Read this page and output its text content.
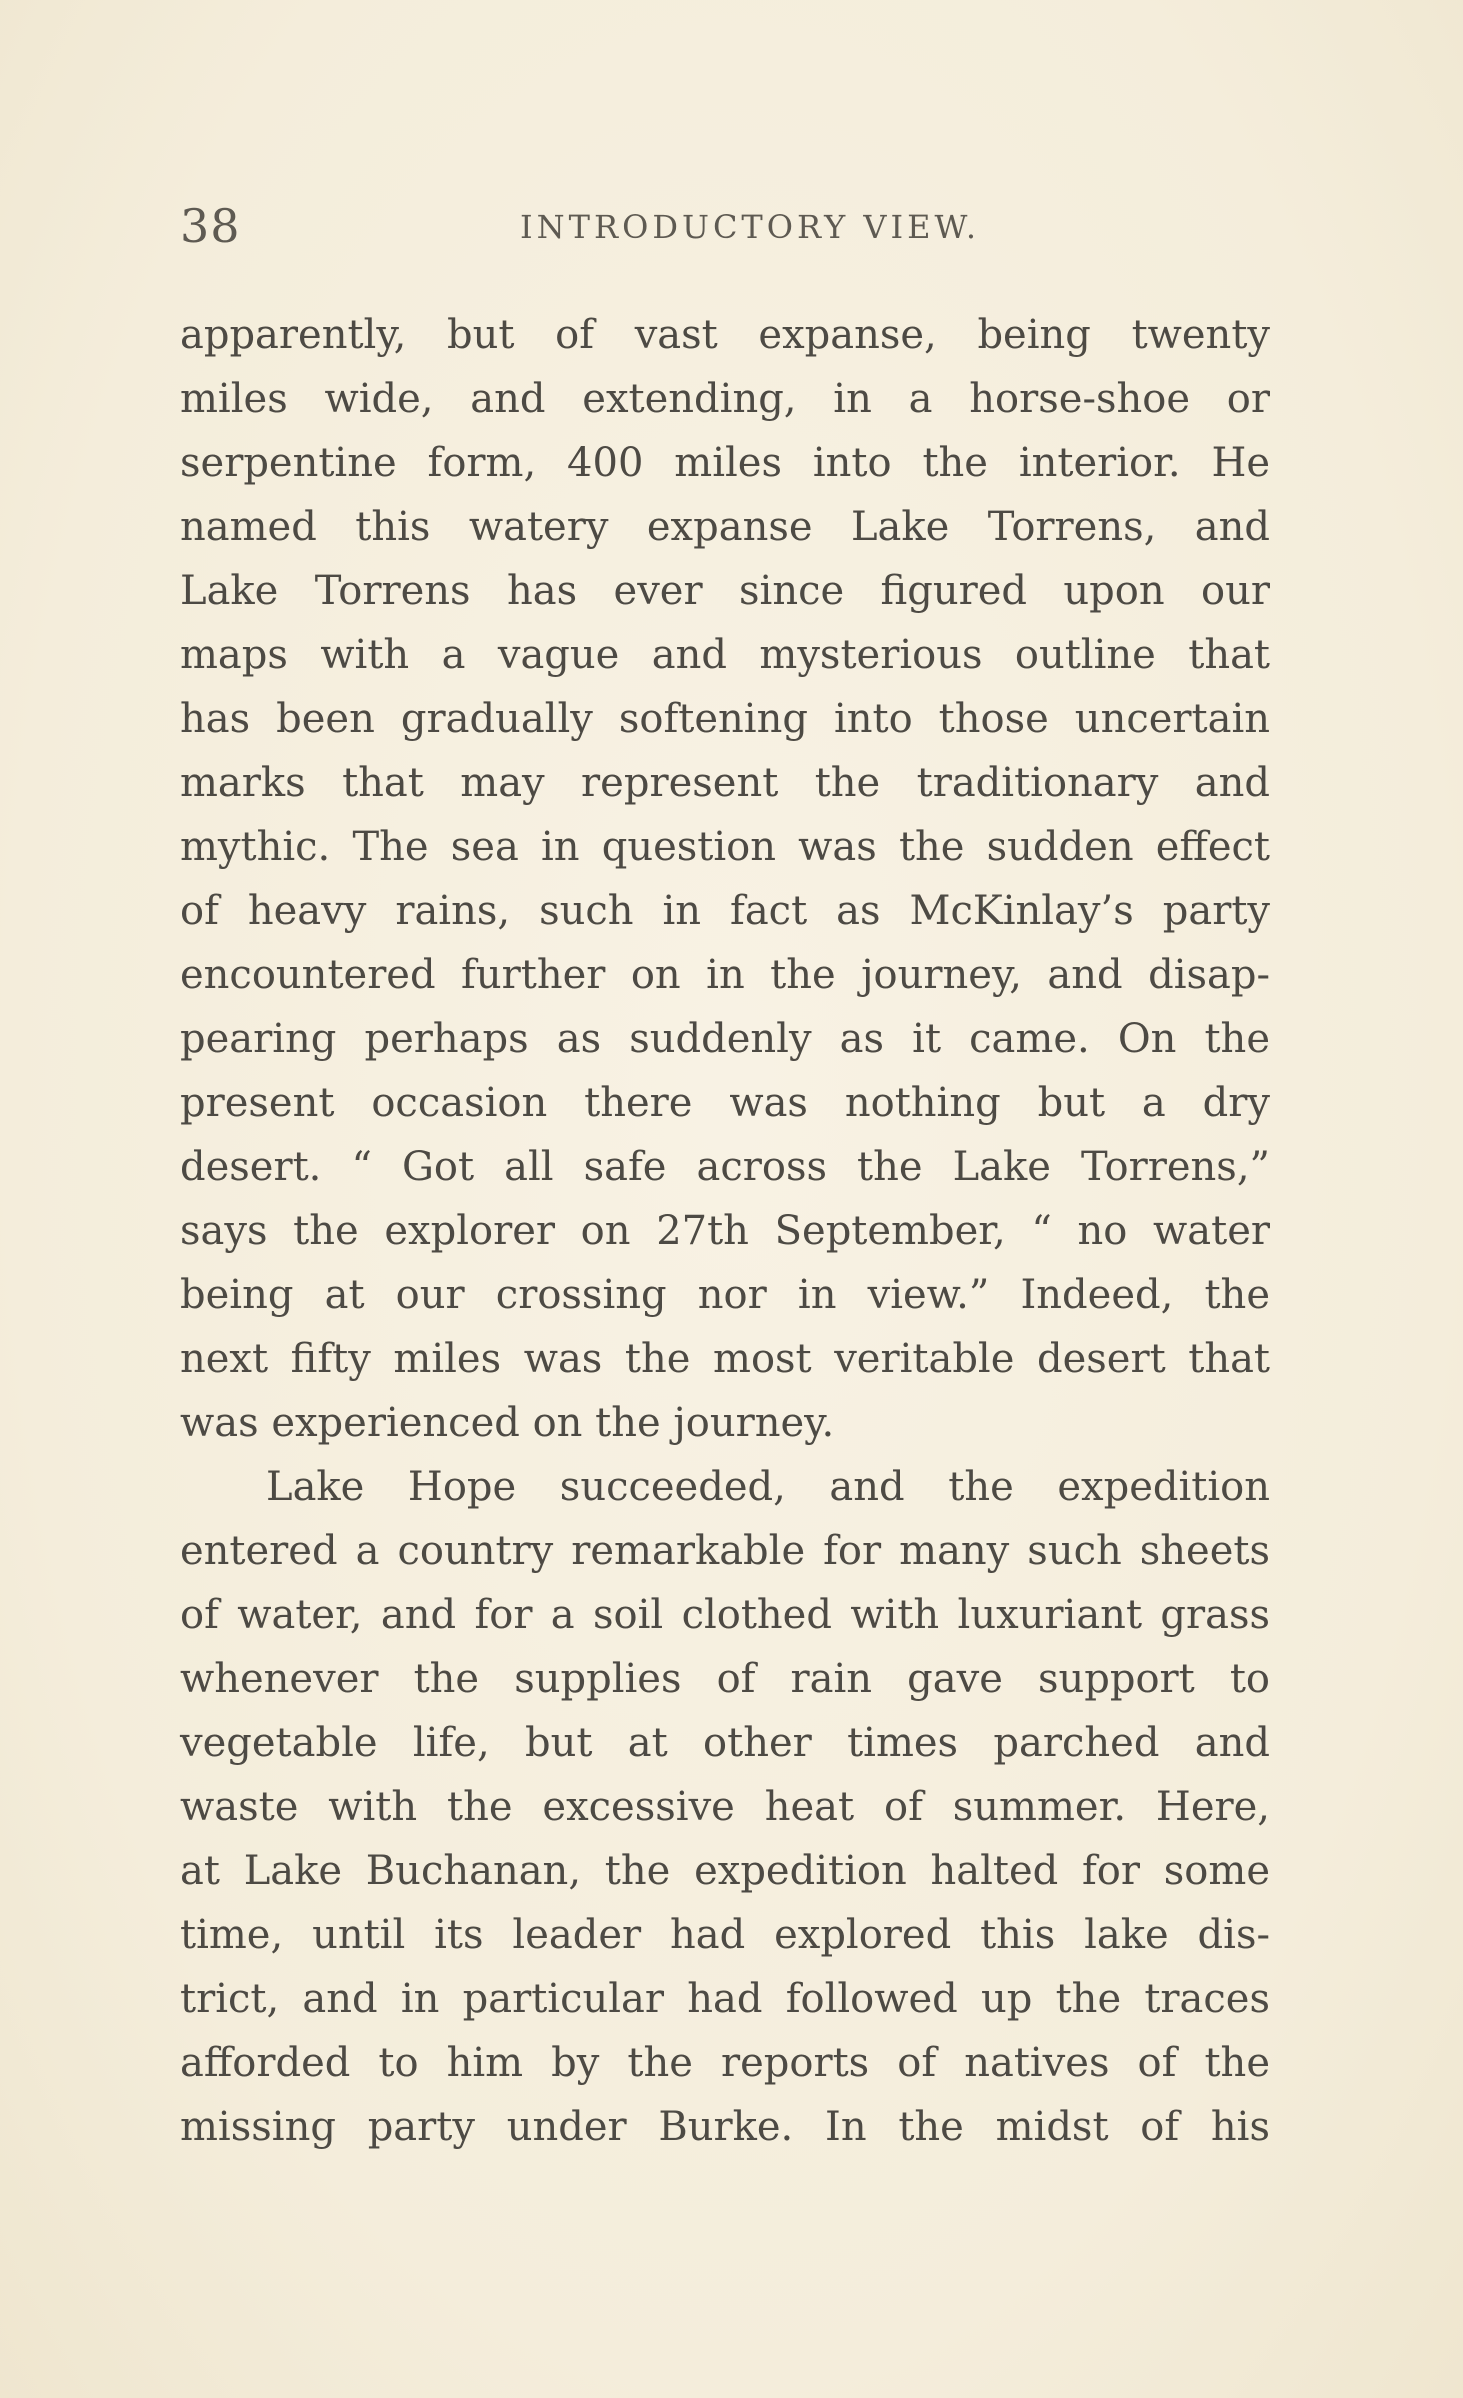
38	INTRODUCTORY VIEW.
apparently, but of vast expanse, being twenty
miles wide, and extending, in a horse-shoe or
serpentine form, 400 miles into the interior. He
named this watery expanse Lake Torrens, and
Lake Torrens has ever since figured upon our
maps with a vague and mysterious outline that
has been gradually softening into those uncertain
marks that may represent the traditionary and
mythic. The sea in question was the sudden effect
of heavy rains, such in fact as McKinlay’s party
encountered further on in the journey, and disap-
pearing perhaps as suddenly as it came. On the
present occasion there was nothing but a dry
desert. “ Got all safe across the Lake Torrens,”
says the explorer on 27th September, “ no water
being at our crossing nor in view.” Indeed, the
next fifty miles was the most veritable desert that
was experienced on the journey.
Lake Hope succeeded, and the expedition
entered a country remarkable for many such sheets
of water, and for a soil clothed with luxuriant grass
whenever the supplies of rain gave support to
vegetable life, but at other times parched and
waste with the excessive heat of summer. Here,
at Lake Buchanan, the expedition halted for some
time, until its leader had explored this lake dis-
trict, and in particular had followed up the traces
afforded to him by the reports of natives of the
missing party under Burke. In the midst of his
